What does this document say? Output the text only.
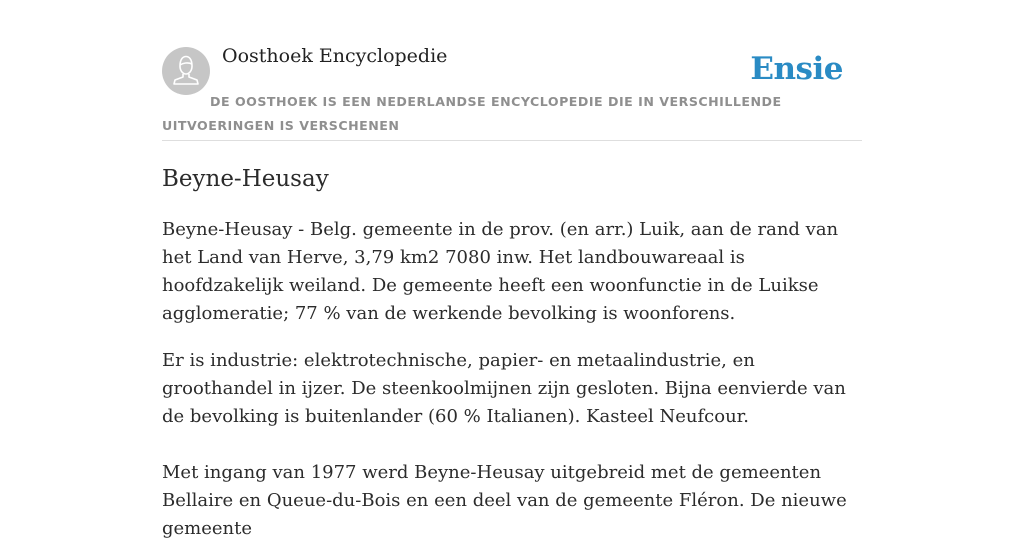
Oosthoek Encyclopedie	Ensie
DE OOSTHOEK IS EEN NEDERLANDSE ENCYCLOPEDIE DIE IN VERSCHILLENDE UITVOERINGEN IS VERSCHENEN
Beyne-Heusay

Beyne-Heusay - Belg. gemeente in de prov. (en arr.) Luik, aan de rand van het Land van Herve, 3,79 km2 7080 inw. Het landbouwareaal is hoofdzakelijk weiland. De gemeente heeft een woonfunctie in de Luikse agglomeratie; 77 % van de werkende bevolking is woonforens.

Er is industrie: elektrotechnische, papier- en metaalindustrie, en groothandel in ijzer. De steenkoolmijnen zijn gesloten. Bijna eenvierde van de bevolking is buitenlander (60 % Italianen). Kasteel Neufcour.

Met ingang van 1977 werd Beyne-Heusay uitgebreid met de gemeenten Bellaire en Queue-du-Bois en een deel van de gemeente Fléron. De nieuwe gemeente
